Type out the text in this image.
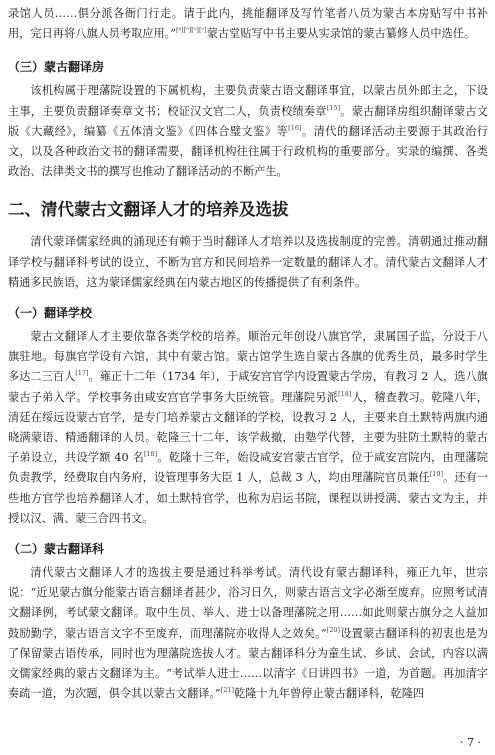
录馆人员……俱分派各衙门行走。请于此内，挑能翻译及写竹笔者八员为蒙古本房贴写中书补用，完日再将八旗人员考取应用。”[⁶][⁹][⁰][⁰]蒙古堂贴写中书主要从实录馆的蒙古纂修人员中选任。

（三）蒙古翻译房

该机构属于理藩院设置的下属机构，主要负责蒙古语文翻译事宜，以蒙古员外郎主之，下设主事，主要负责翻译奏章文书；校证汉文官二人，负责校绩奏章[15]。蒙古翻译房组织翻译蒙古文版《大藏经》，编纂《五体清文鉴》《四体合璧文鉴》等[16]。清代的翻译活动主要源于其政治行文，以及各种政治文书的翻译需要，翻译机构往往属于行政机构的重要部分。实录的编撰、各类政治、法律类文书的撰写也推动了翻译活动的不断产生。

二、清代蒙古文翻译人才的培养及选拔

清代蒙译儒家经典的涌现还有赖于当时翻译人才培养以及选拔制度的完善。清朝通过推动翻译学校与翻译科考试的设立，不断为官方和民间培养一定数量的翻译人才。清代蒙古文翻译人才精通多民族语，这为蒙译儒家经典在内蒙古地区的传播提供了有利条件。

（一）翻译学校

蒙古文翻译人才主要依靠各类学校的培养。顺治元年创设八旗官学，隶属国子监，分设于八旗驻地。每旗官学设有六馆，其中有蒙古馆。蒙古馆学生选自蒙古各旗的优秀生员，最多时学生多达二三百人[17]。雍正十二年（1734 年），于咸安宫官学内设置蒙古学房，有教习 2 人，选八旗蒙古子弟入学。学校事务由咸安宫官学事务大臣统管。理藩院另派[18]人，稽查教习。乾隆八年，清廷在绥远设蒙古官学，是专门培养蒙古文翻译的学校，设教习 2 人，主要来自土默特两旗内通晓满蒙语、精通翻译的人员。乾隆三十二年，该学裁撤，由塾学代替，主要为驻防土默特的蒙古子弟设立，共设学额 40 名[18]。乾隆十三年，始设咸安宫蒙古官学，位于咸安宫院内，由理藩院负责教学，经费取自内务府，设管理事务大臣 1 人，总裁 3 人，均由理藩院官员兼任[19]。还有一些地方官学也培养翻译人才，如土默特官学，也称为启运书院，课程以讲授满、蒙古文为主，并授以汉、满、蒙三合四书文。

（二）蒙古翻译科

清代蒙古文翻译人才的选拔主要是通过科举考试。清代设有蒙古翻译科，雍正九年，世宗说：“近见蒙古旗分能蒙古语言翻译者甚少，浴习日久，则蒙古语言文字必渐至废弃。应照考试清文翻译例，考试蒙文翻译。取中生员、举人、进士以备理藩院之用……如此则蒙古旗分之人益加鼓励勤学，蒙古语言文字不至废弃，而理藩院亦收得人之效矣。”[20]设置蒙古翻译科的初衷也是为了保留蒙古语传承，同时也为理藩院选拔人才。蒙古翻译科分为童生试、乡试、会试，内容以满文儒家经典的蒙古文翻译为主。“考试举人进士……以清字《日讲四书》一道，为首题。再加清字奏疏一道，为次题，俱令其以蒙古文翻译。”[21]乾隆十九年曾停止蒙古翻译科，乾隆四

· 7 ·
